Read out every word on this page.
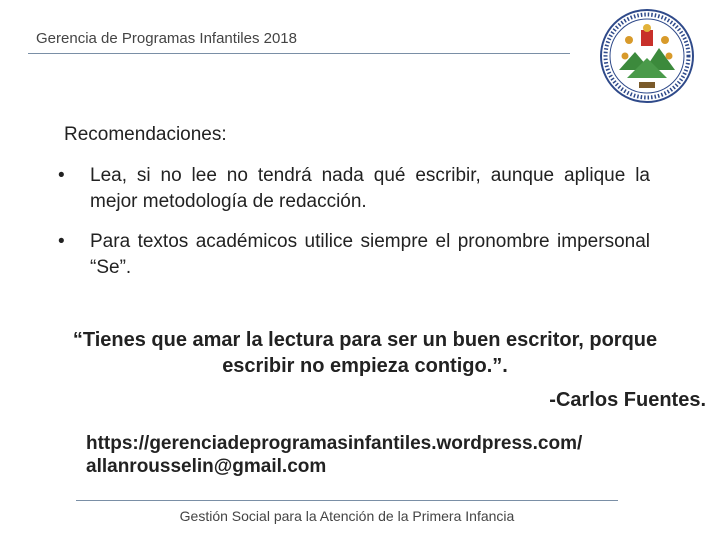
Gerencia de Programas Infantiles 2018
Recomendaciones:
•	Lea, si no lee no tendrá nada qué escribir, aunque aplique la mejor metodología de redacción.
•	Para textos académicos utilice siempre el pronombre impersonal “Se”.
“Tienes que amar la lectura para ser un buen escritor, porque escribir no empieza contigo.”.
-Carlos Fuentes.
https://gerenciadeprogramasinfantiles.wordpress.com/
allanrousselin@gmail.com
Gestión Social para la Atención de la Primera Infancia
